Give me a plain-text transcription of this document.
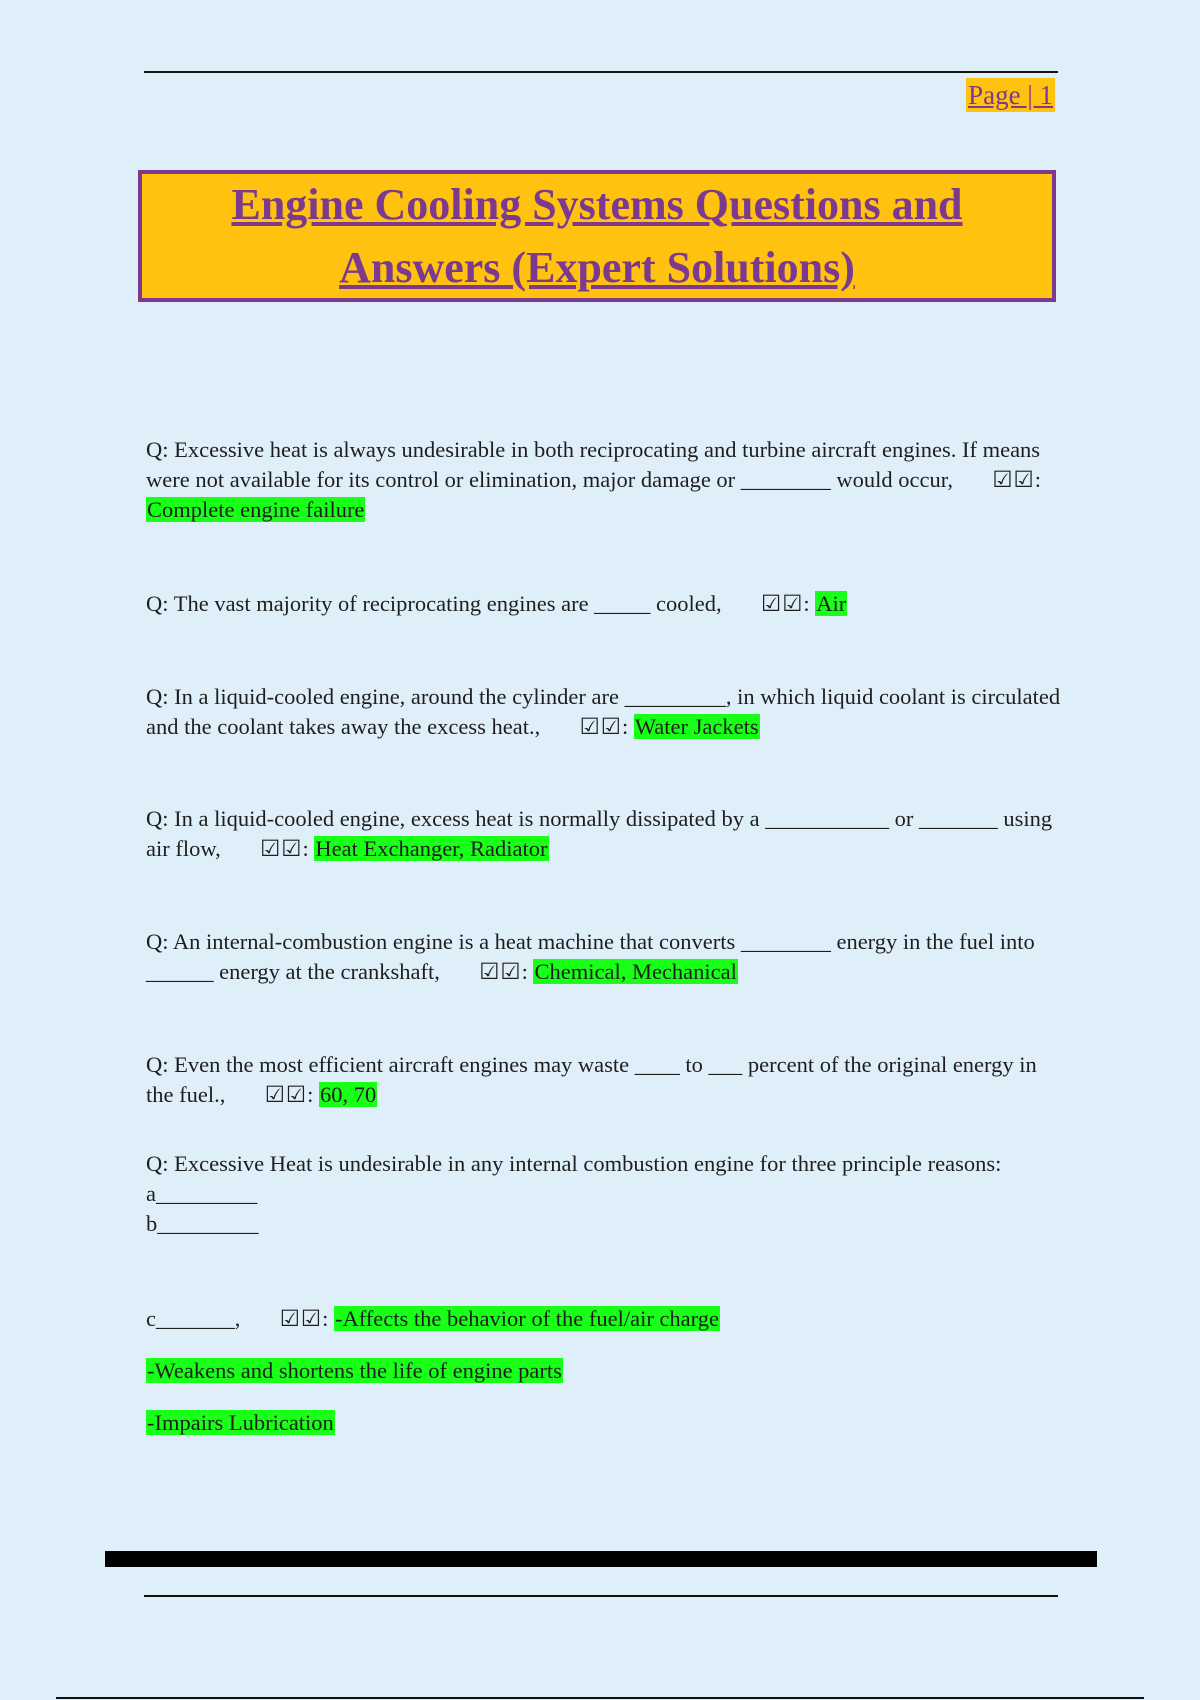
Page | 1
Engine Cooling Systems Questions and
Answers (Expert Solutions)
Q: Excessive heat is always undesirable in both reciprocating and turbine aircraft engines. If means were not available for its control or elimination, major damage or ________ would occur, ☑☑: Complete engine failure
Q: The vast majority of reciprocating engines are _____ cooled, ☑☑: Air
Q: In a liquid-cooled engine, around the cylinder are _________, in which liquid coolant is circulated and the coolant takes away the excess heat., ☑☑: Water Jackets
Q: In a liquid-cooled engine, excess heat is normally dissipated by a ___________ or _______ using air flow, ☑☑: Heat Exchanger, Radiator
Q: An internal-combustion engine is a heat machine that converts ________ energy in the fuel into ______ energy at the crankshaft, ☑☑: Chemical, Mechanical
Q: Even the most efficient aircraft engines may waste ____ to ___ percent of the original energy in the fuel., ☑☑: 60, 70
Q: Excessive Heat is undesirable in any internal combustion engine for three principle reasons:
a_________
b_________
c_______, ☑☑: -Affects the behavior of the fuel/air charge
-Weakens and shortens the life of engine parts
-Impairs Lubrication
